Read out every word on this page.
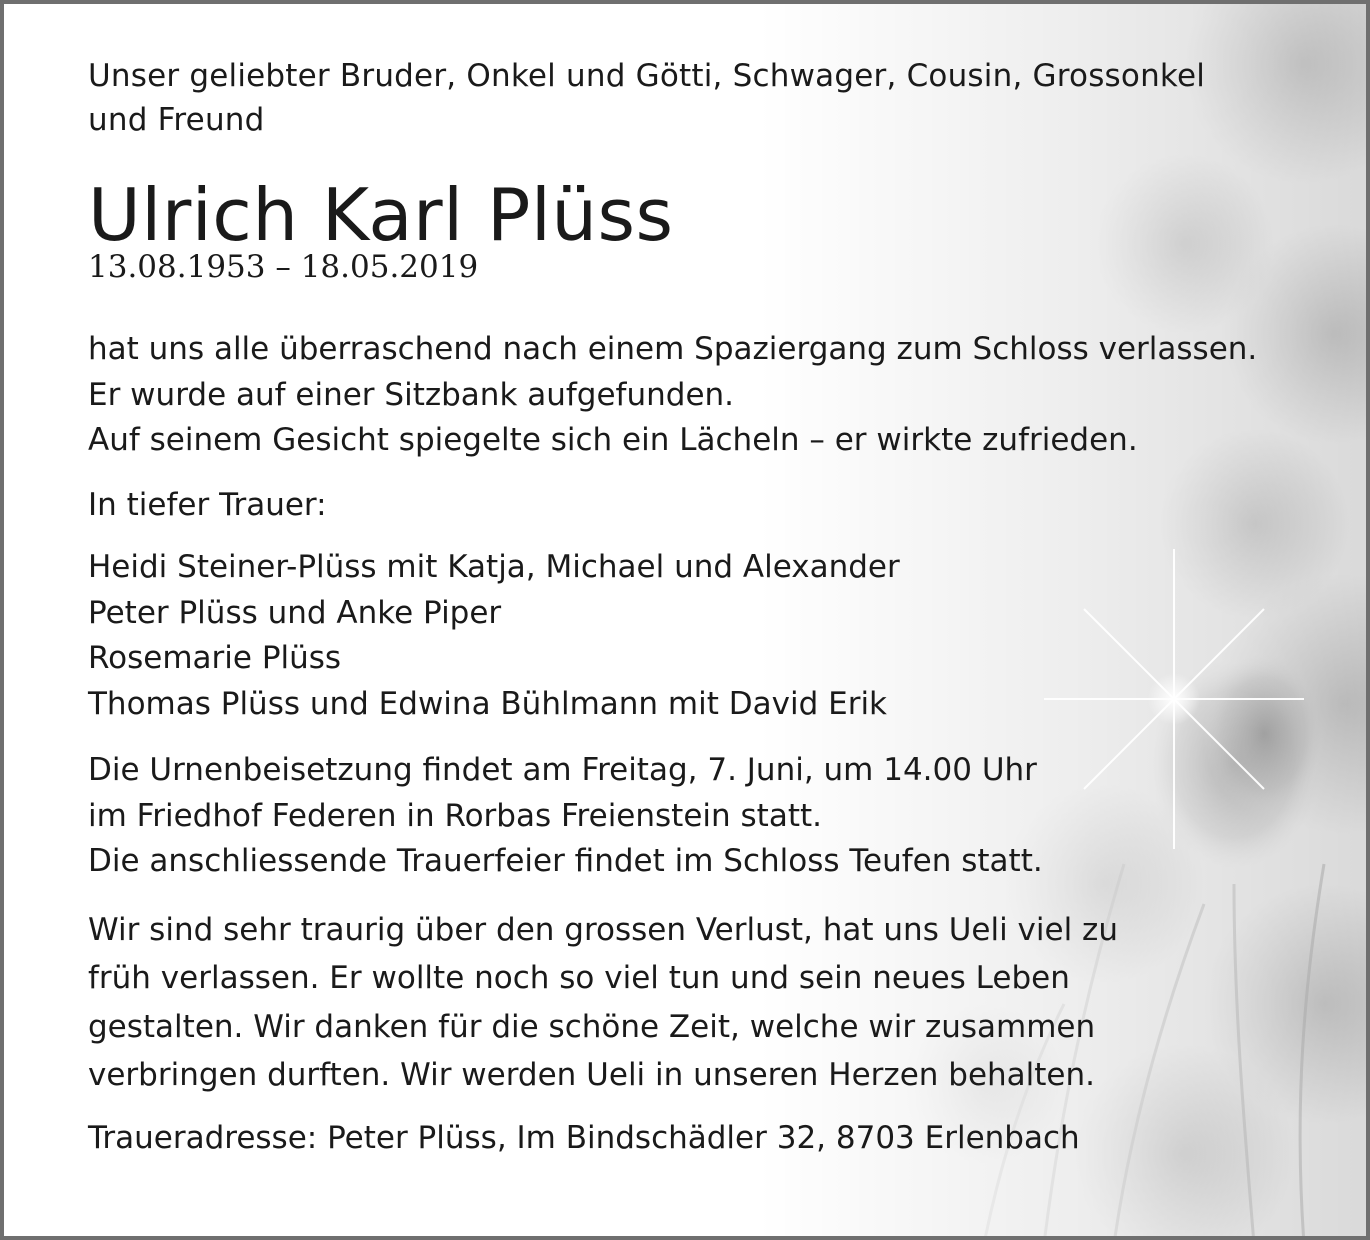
Unser geliebter Bruder, Onkel und Götti, Schwager, Cousin, Grossonkel
und Freund

Ulrich Karl Plüss

13.08.1953 – 18.05.2019

hat uns alle überraschend nach einem Spaziergang zum Schloss verlassen.
Er wurde auf einer Sitzbank aufgefunden.
Auf seinem Gesicht spiegelte sich ein Lächeln – er wirkte zufrieden.

In tiefer Trauer:

Heidi Steiner-Plüss mit Katja, Michael und Alexander
Peter Plüss und Anke Piper
Rosemarie Plüss
Thomas Plüss und Edwina Bühlmann mit David Erik

Die Urnenbeisetzung findet am Freitag, 7. Juni, um 14.00 Uhr
im Friedhof Federen in Rorbas Freienstein statt.
Die anschliessende Trauerfeier findet im Schloss Teufen statt.

Wir sind sehr traurig über den grossen Verlust, hat uns Ueli viel zu
früh verlassen. Er wollte noch so viel tun und sein neues Leben
gestalten. Wir danken für die schöne Zeit, welche wir zusammen
verbringen durften. Wir werden Ueli in unseren Herzen behalten.

Traueradresse: Peter Plüss, Im Bindschädler 32, 8703 Erlenbach
